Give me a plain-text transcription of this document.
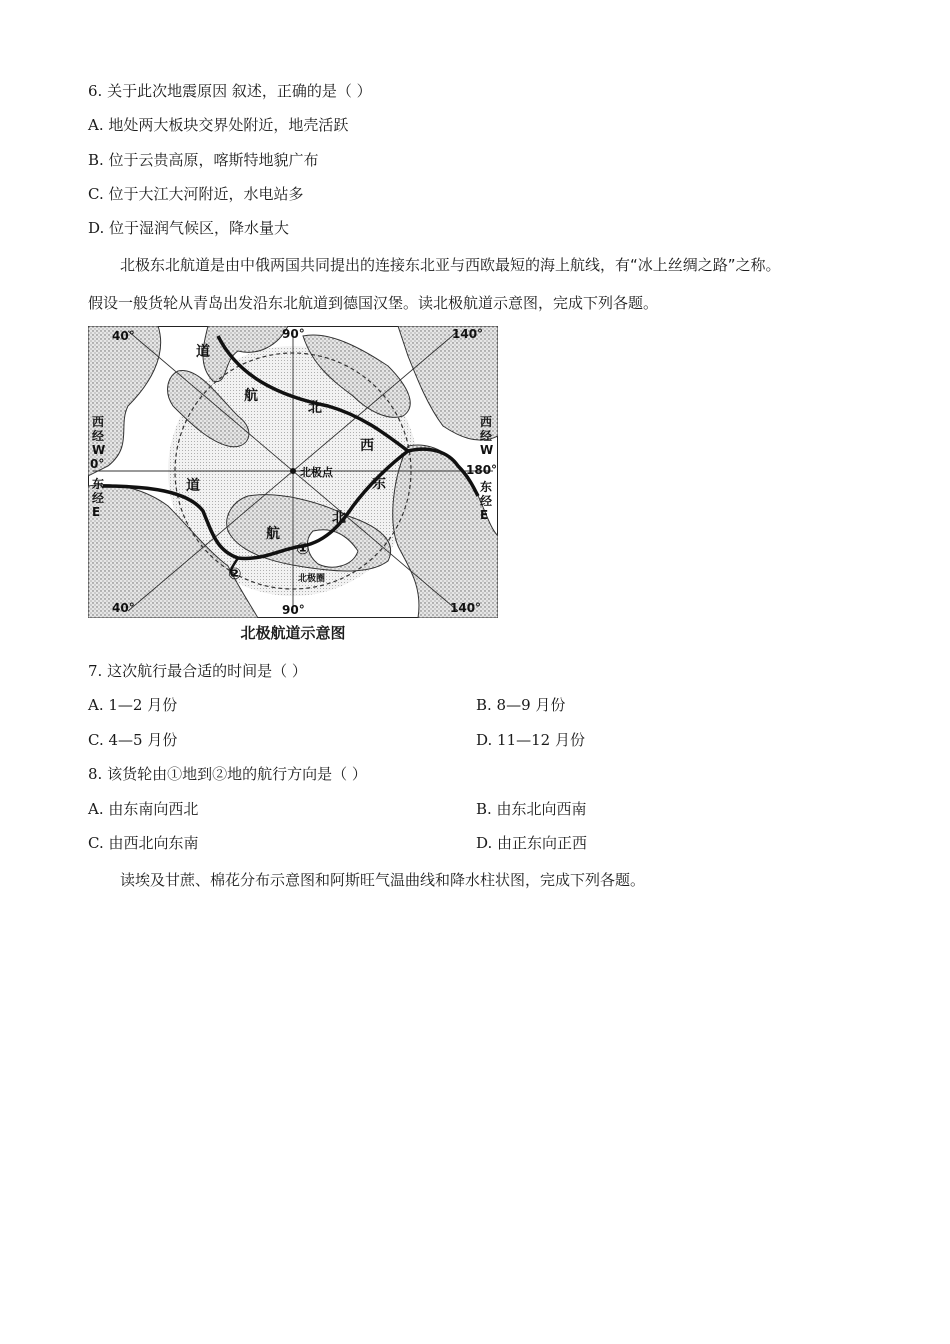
6. 关于此次地震原因 叙述，正确的是（ ）
A. 地处两大板块交界处附近，地壳活跃
B. 位于云贵高原，喀斯特地貌广布
C. 位于大江大河附近，水电站多
D. 位于湿润气候区，降水量大
北极东北航道是由中俄两国共同提出的连接东北亚与西欧最短的海上航线，有“冰上丝绸之路”之称。
假设一般货轮从青岛出发沿东北航道到德国汉堡。读北极航道示意图，完成下列各题。
40°	90°	140°
40°	90°	140°
西
经
W
0°
东
经
E
西
经
W
180°
东
经
E
北极点
北极圈
道
航
北
西
东
北
道
航
①
②
北极航道示意图
7. 这次航行最合适的时间是（ ）
A. 1—2 月份	B. 8—9 月份
C. 4—5 月份	D. 11—12 月份
8. 该货轮由①地到②地的航行方向是（ ）
A. 由东南向西北	B. 由东北向西南
C. 由西北向东南	D. 由正东向正西
读埃及甘蔗、棉花分布示意图和阿斯旺气温曲线和降水柱状图，完成下列各题。
